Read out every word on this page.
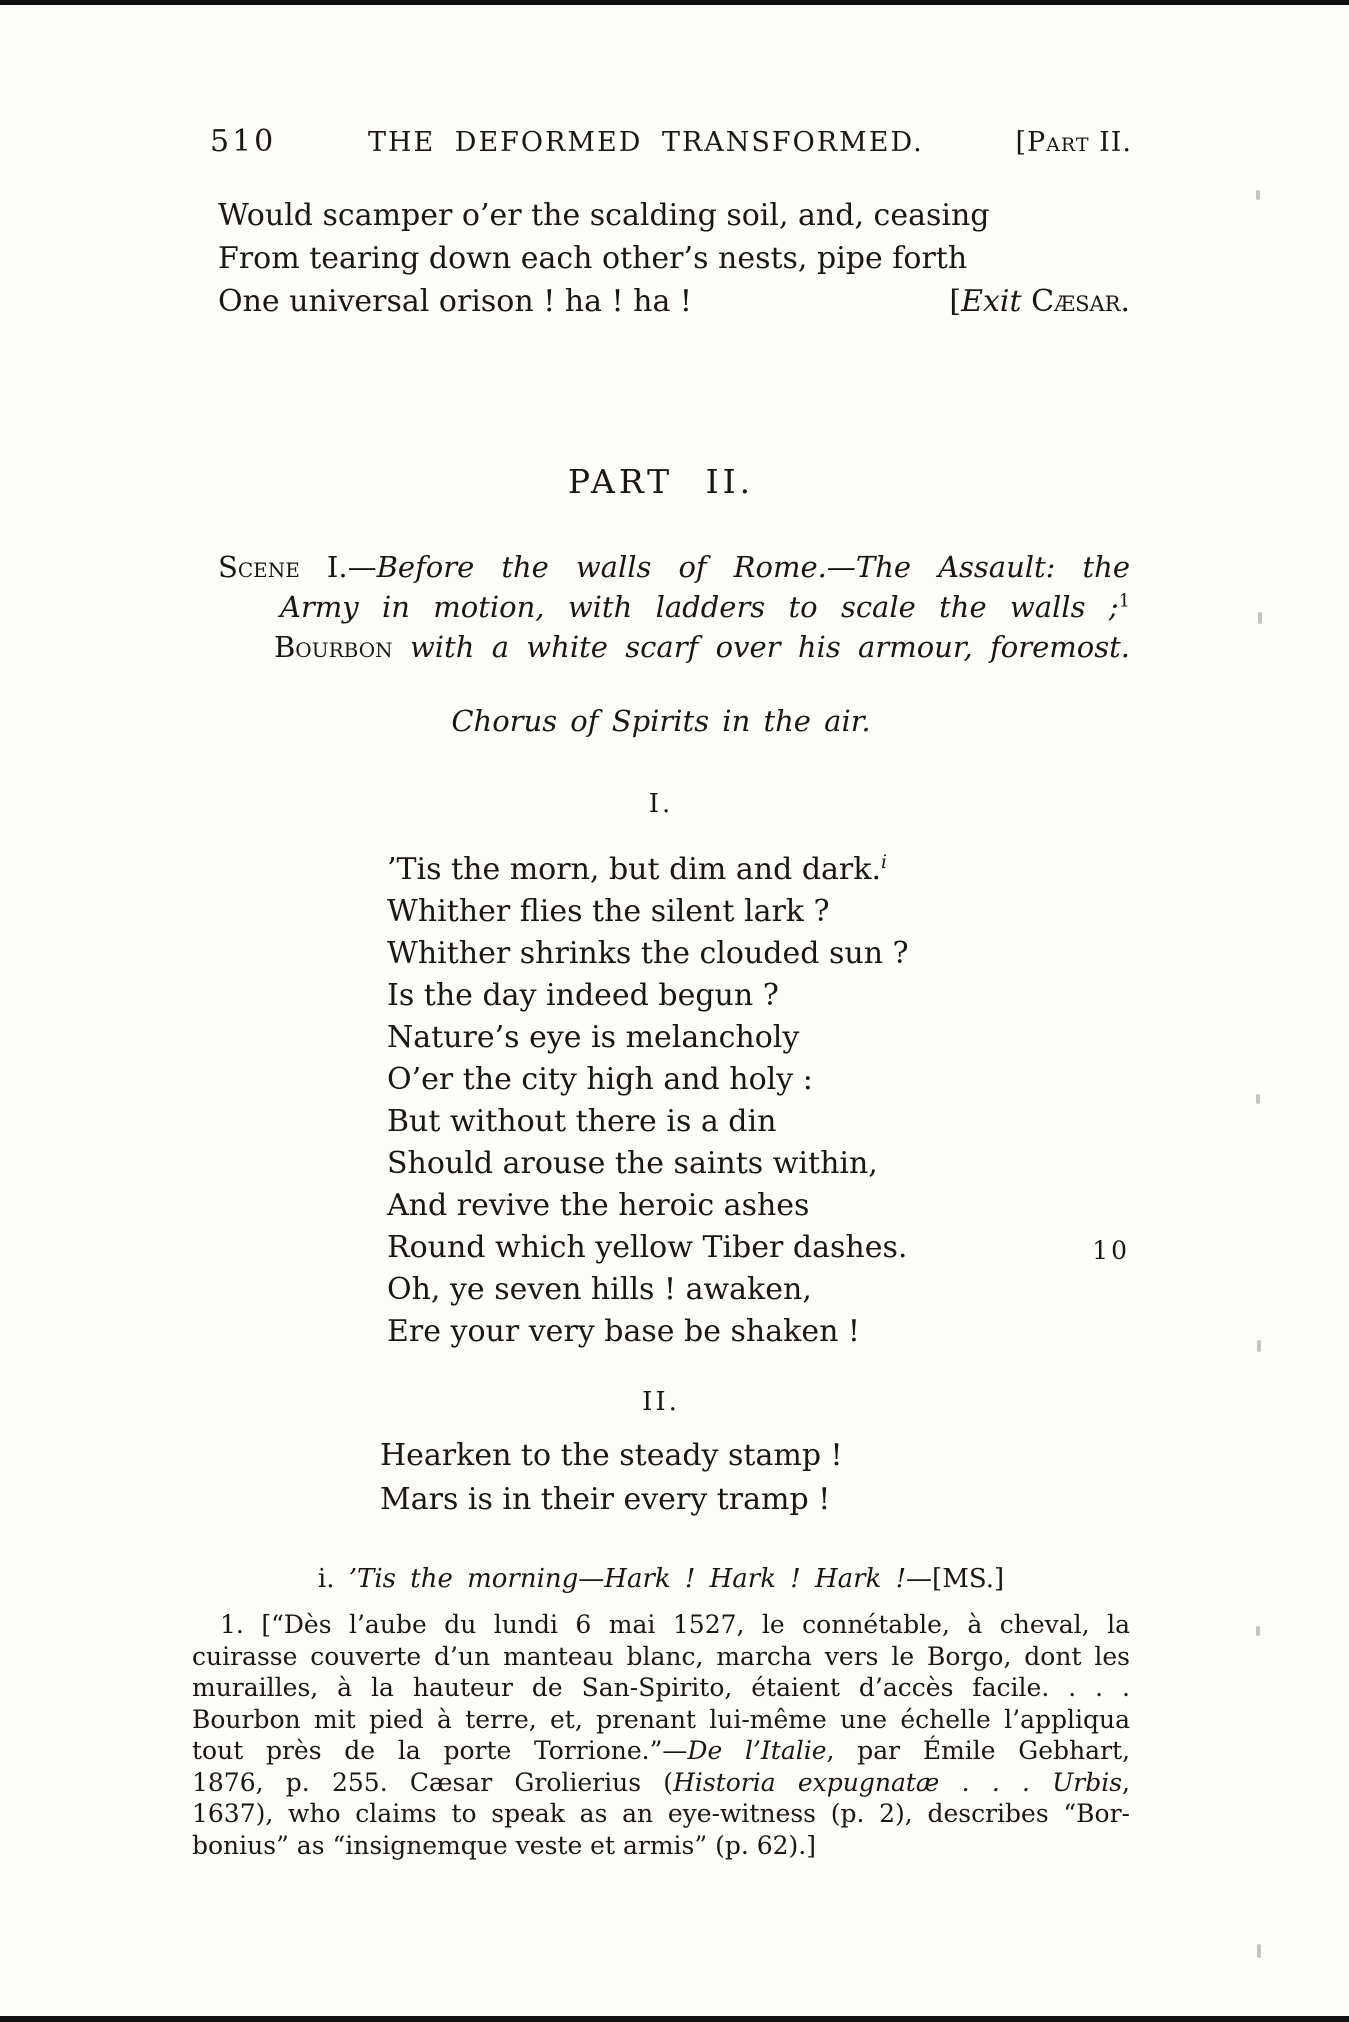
510	THE DEFORMED TRANSFORMED.	[Part II.
Would scamper o’er the scalding soil, and, ceasing
From tearing down each other’s nests, pipe forth
One universal orison ! ha ! ha !	[Exit Cæsar.
PART II.
Scene I.—Before the walls of Rome.—The Assault: the
Army in motion, with ladders to scale the walls ;$^1$
Bourbon with a white scarf over his armour, foremost.
Chorus of Spirits in the air.
I.
’Tis the morn, but dim and dark.$^i$
Whither flies the silent lark ?
Whither shrinks the clouded sun ?
Is the day indeed begun ?
Nature’s eye is melancholy
O’er the city high and holy :
But without there is a din
Should arouse the saints within,
And revive the heroic ashes
Round which yellow Tiber dashes.	10
Oh, ye seven hills ! awaken,
Ere your very base be shaken !
II.
Hearken to the steady stamp !
Mars is in their every tramp !
i. ’Tis the morning—Hark ! Hark ! Hark !—[MS.]
1. [“Dès l’aube du lundi 6 mai 1527, le connétable, à cheval, la
cuirasse couverte d’un manteau blanc, marcha vers le Borgo, dont les
murailles, à la hauteur de San-Spirito, étaient d’accès facile. . . .
Bourbon mit pied à terre, et, prenant lui-même une échelle l’appliqua
tout près de la porte Torrione.”—De l’Italie, par Émile Gebhart,
1876, p. 255. Cæsar Grolierius (Historia expugnatæ . . . Urbis,
1637), who claims to speak as an eye-witness (p. 2), describes “Bor-
bonius” as “insignemque veste et armis” (p. 62).]
